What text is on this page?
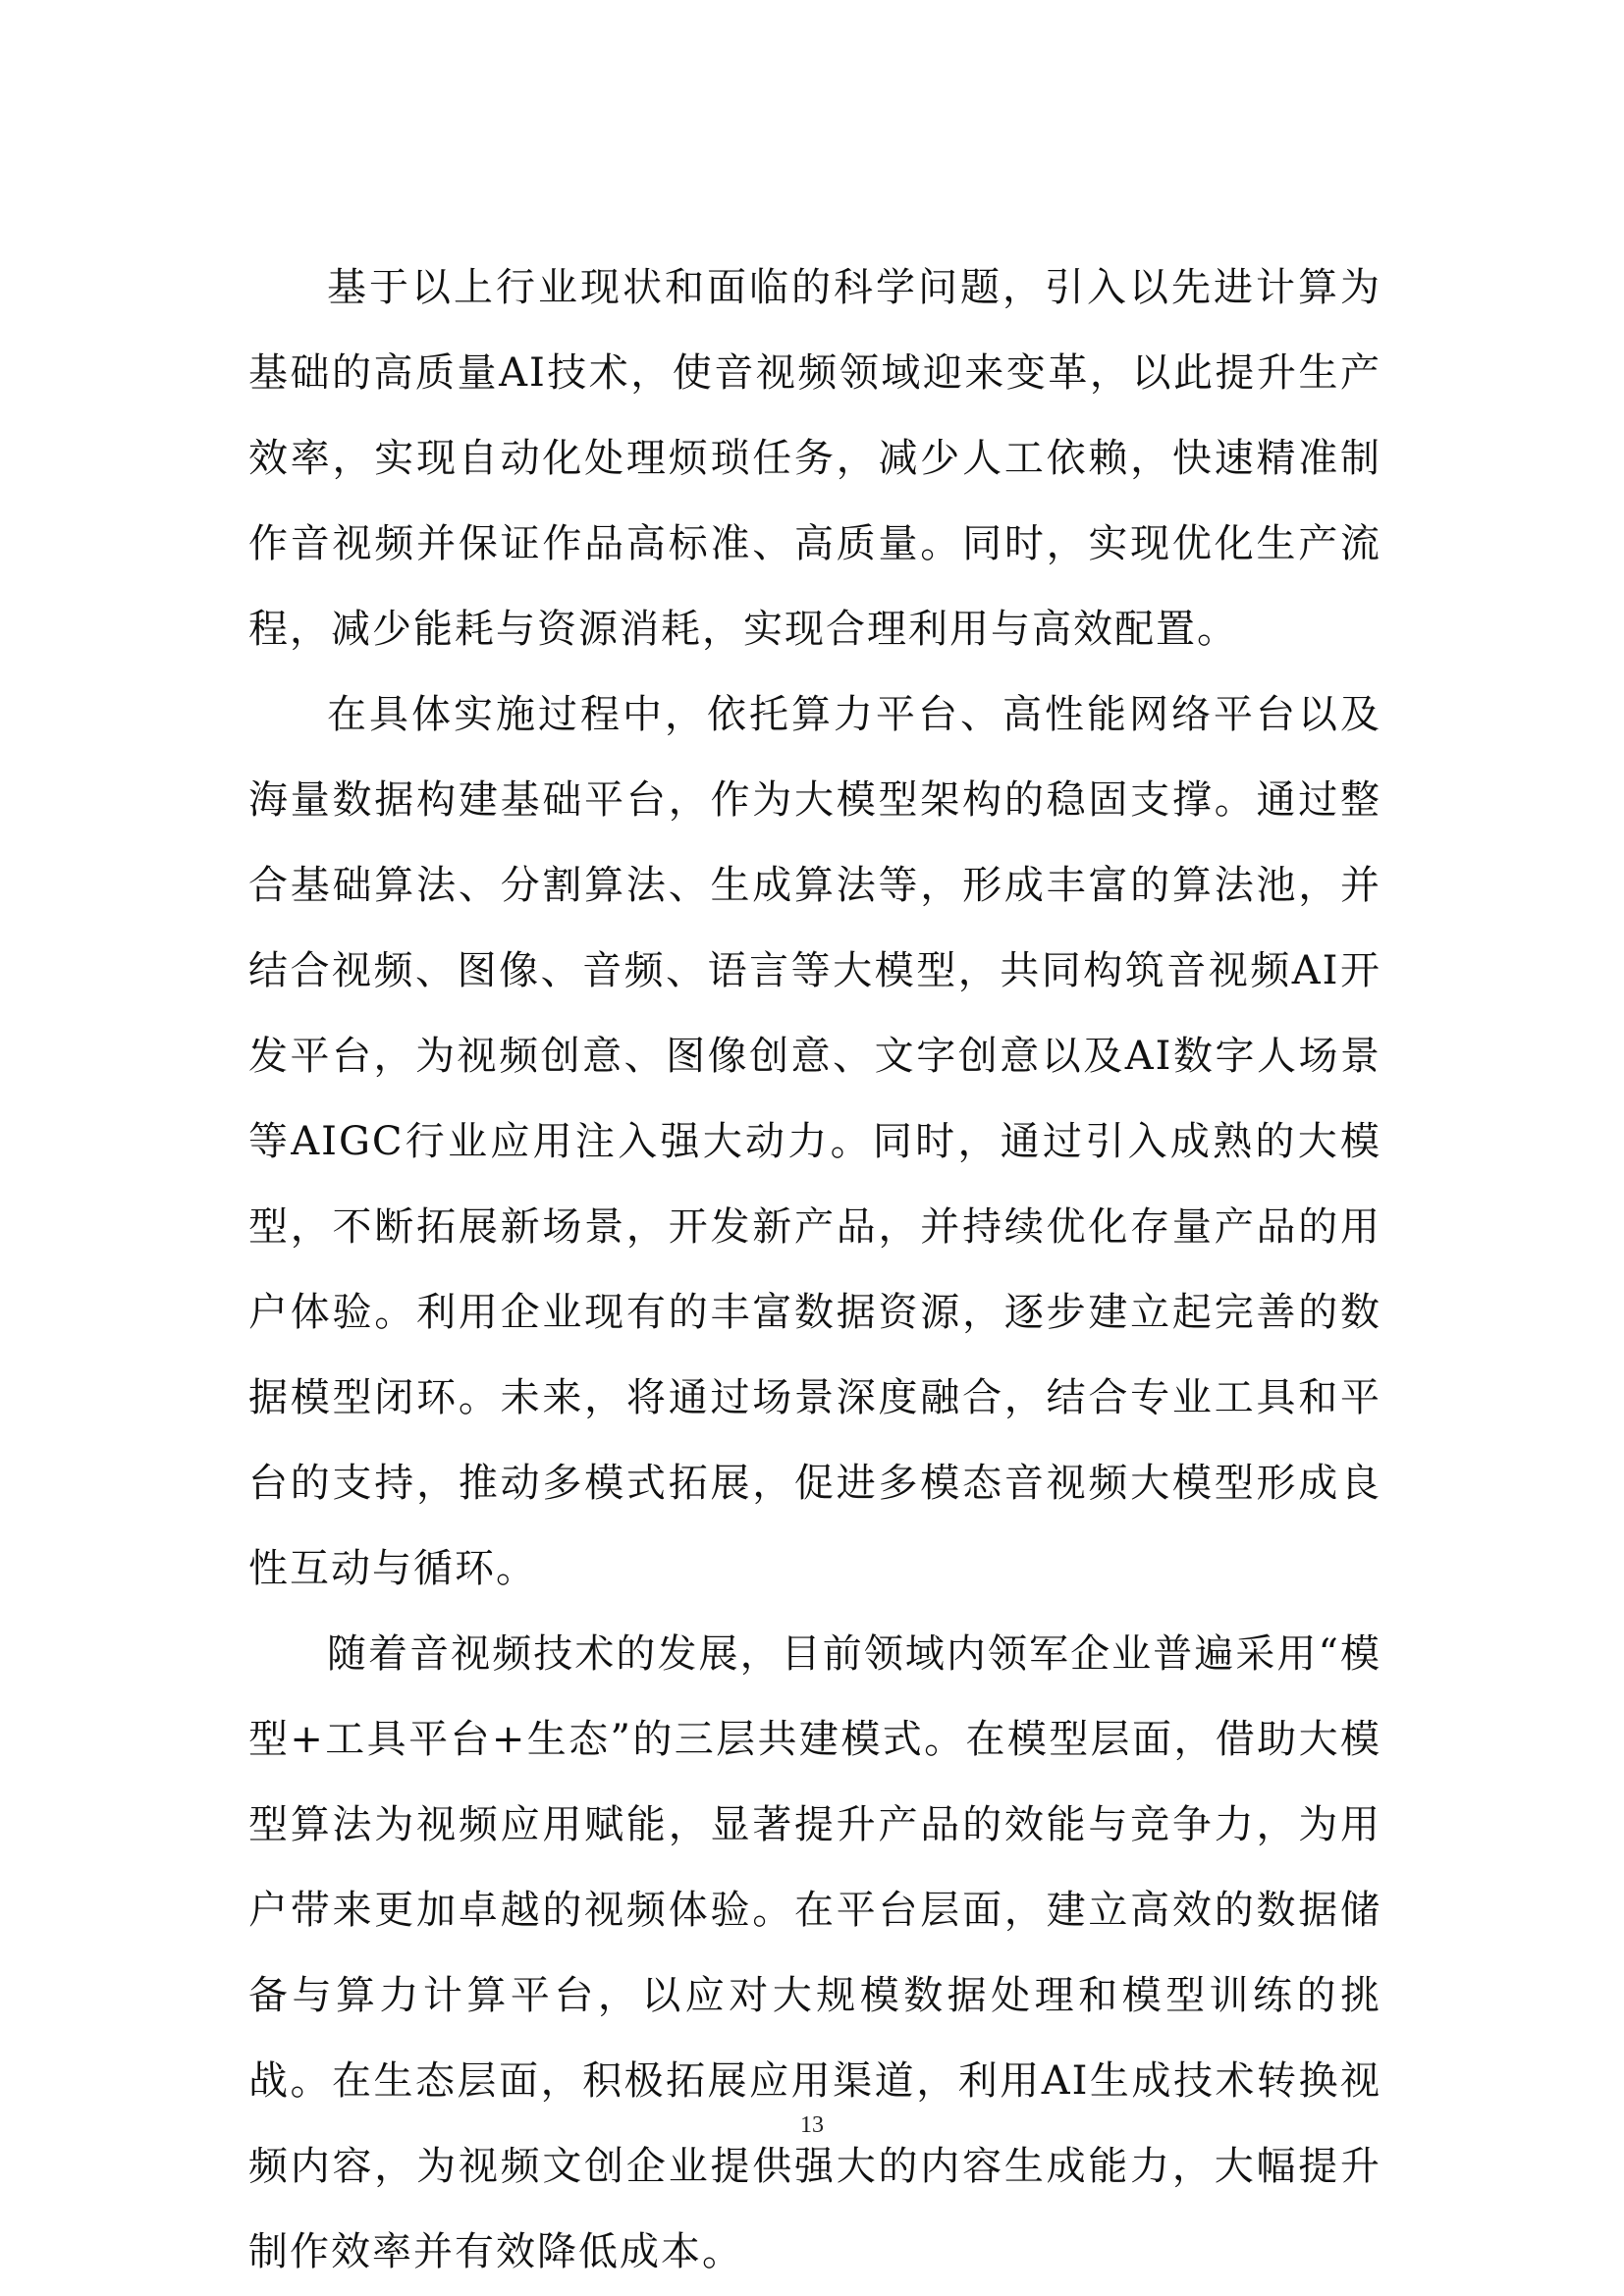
基于以上行业现状和面临的科学问题，引入以先进计算为基础的高质量AI技术，使音视频领域迎来变革，以此提升生产效率，实现自动化处理烦琐任务，减少人工依赖，快速精准制作音视频并保证作品高标准、高质量。同时，实现优化生产流程，减少能耗与资源消耗，实现合理利用与高效配置。

在具体实施过程中，依托算力平台、高性能网络平台以及海量数据构建基础平台，作为大模型架构的稳固支撑。通过整合基础算法、分割算法、生成算法等，形成丰富的算法池，并结合视频、图像、音频、语言等大模型，共同构筑音视频AI开发平台，为视频创意、图像创意、文字创意以及AI数字人场景等AIGC行业应用注入强大动力。同时，通过引入成熟的大模型，不断拓展新场景，开发新产品，并持续优化存量产品的用户体验。利用企业现有的丰富数据资源，逐步建立起完善的数据模型闭环。未来，将通过场景深度融合，结合专业工具和平台的支持，推动多模式拓展，促进多模态音视频大模型形成良性互动与循环。

随着音视频技术的发展，目前领域内领军企业普遍采用“模型+工具平台+生态”的三层共建模式。在模型层面，借助大模型算法为视频应用赋能，显著提升产品的效能与竞争力，为用户带来更加卓越的视频体验。在平台层面，建立高效的数据储备与算力计算平台，以应对大规模数据处理和模型训练的挑战。在生态层面，积极拓展应用渠道，利用AI生成技术转换视频内容，为视频文创企业提供强大的内容生成能力，大幅提升制作效率并有效降低成本。

13
